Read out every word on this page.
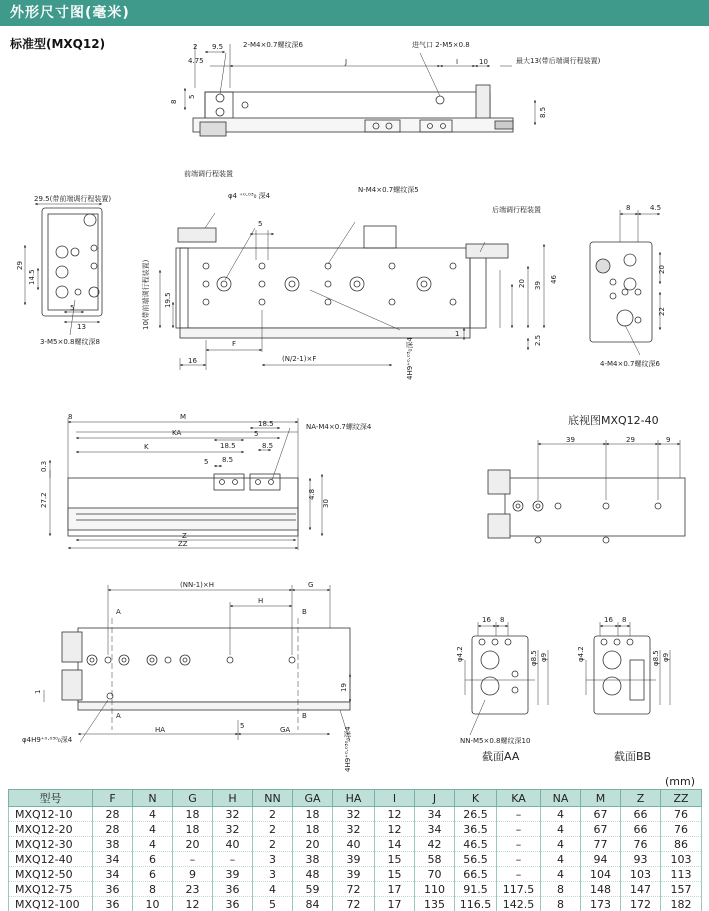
外形尺寸图(毫米)
标准型(MXQ12)	2 9.5
4.75
8
5
2-M4×0.7螺纹深6	进气口 2-M5×0.8
J	I	10	最大13(带后端调行程装置)
8.5
29.5(带前端调行程装置)
29
14.5
5
13
3-M5×0.8螺纹深8
前端调行程装置
后端调行程装置
φ4 ⁺⁰·⁰³₀ 深4
5
N-M4×0.7螺纹深5
10(带前端调行程装置) 19.5
F
16	(N/2-1)×F	4H9⁺⁰·⁰³₀深4
20 39
46
1
2.5
8	4.5
20
22
4-M4×0.7螺纹深6
8	M
KA
18.5
5
8.5
NA-M4×0.7螺纹深4
K	18.5
5 8.5
0.3
27.2	4.8
30
Z
ZZ
底视图MXQ12-40
39	29	9
(NN-1)×H	G
H
A	B
A	B
1	19
5
HA	GA
φ4H9⁺⁰·⁰³⁰₀深4	4H9⁺⁰·⁰³⁰₀深4
16 8
φ4.2	φ8.5 φ9
NN-M5×0.8螺纹深10
截面AA
16 8
φ4.2	φ8.5 φ9
截面BB
(mm)
型号	F	N	G	H	NN	GA	HA	I	J	K	KA	NA	M	Z	ZZ
MXQ12-10	28	4	18	32	2	18	32	12	34	26.5	–	4	67	66	76
MXQ12-20	28	4	18	32	2	18	32	12	34	36.5	–	4	67	66	76
MXQ12-30	38	4	20	40	2	20	40	14	42	46.5	–	4	77	76	86
MXQ12-40	34	6	–	–	3	38	39	15	58	56.5	–	4	94	93	103
MXQ12-50	34	6	9	39	3	48	39	15	70	66.5	–	4	104	103	113
MXQ12-75	36	8	23	36	4	59	72	17	110	91.5	117.5	8	148	147	157
MXQ12-100	36	10	12	36	5	84	72	17	135	116.5	142.5	8	173	172	182
